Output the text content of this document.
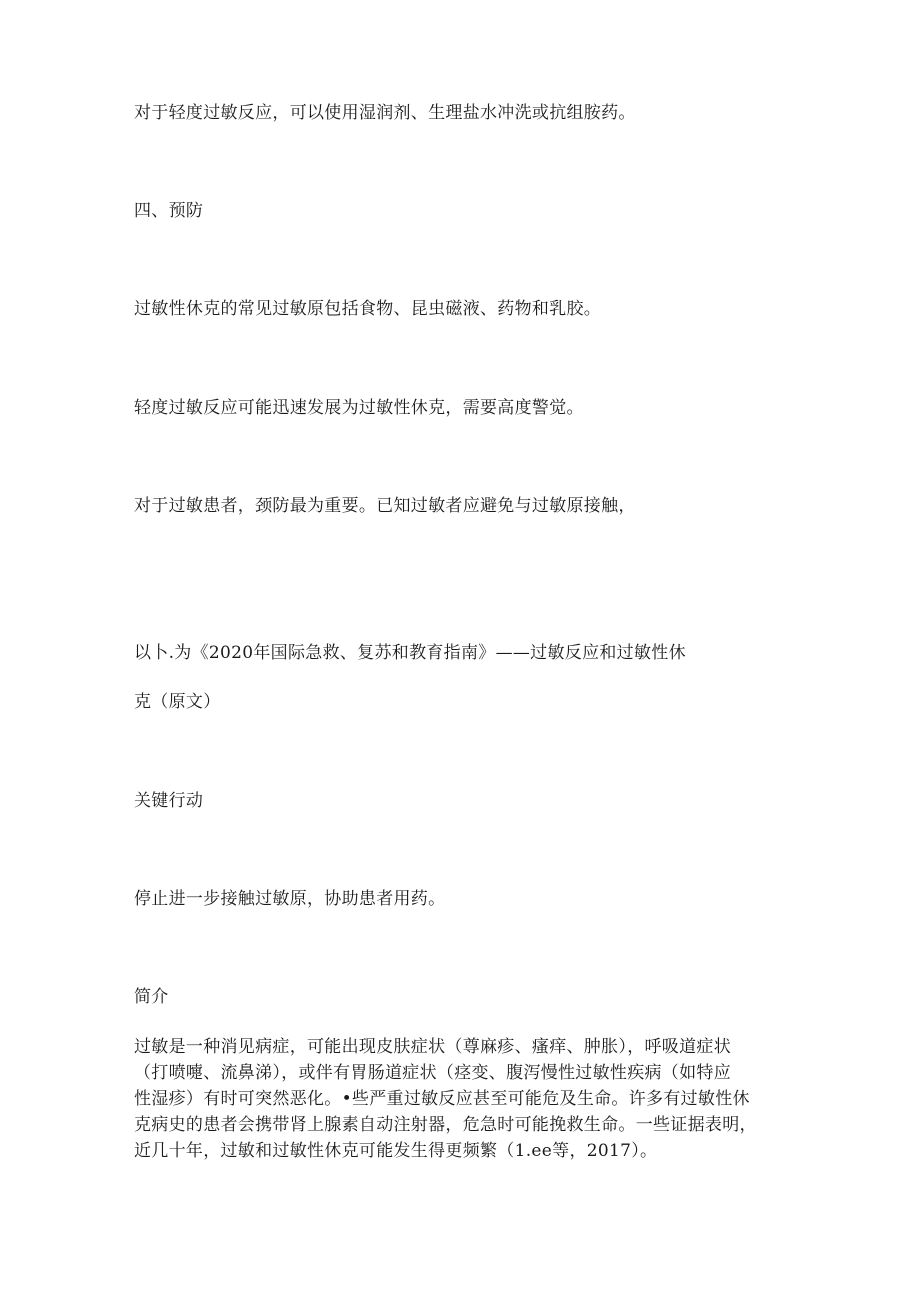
对于轻度过敏反应，可以使用湿润剂、生理盐水冲洗或抗组胺药。
四、预防
过敏性休克的常见过敏原包括食物、昆虫磁液、药物和乳胶。
轻度过敏反应可能迅速发展为过敏性休克，需要高度警觉。
对于过敏患者，颈防最为重要。已知过敏者应避免与过敏原接触，
以卜.为《2020年国际急救、复苏和教育指南》——过敏反应和过敏性休
克（原文）
关键行动
停止进一步接触过敏原，协助患者用药。
简介
过敏是一种消见病症，可能出现皮肤症状（尊麻疹、瘙痒、肿胀），呼吸道症状
（打喷嚏、流鼻涕），或伴有胃肠道症状（痉变、腹泻慢性过敏性疾病（如特应
性湿疹）有时可突然恶化。•些严重过敏反应甚至可能危及生命。许多有过敏性休
克病史的患者会携带肾上腺素自动注射器，危急时可能挽救生命。一些证据表明，
近几十年，过敏和过敏性休克可能发生得更频繁（1.ee等，2017）。
